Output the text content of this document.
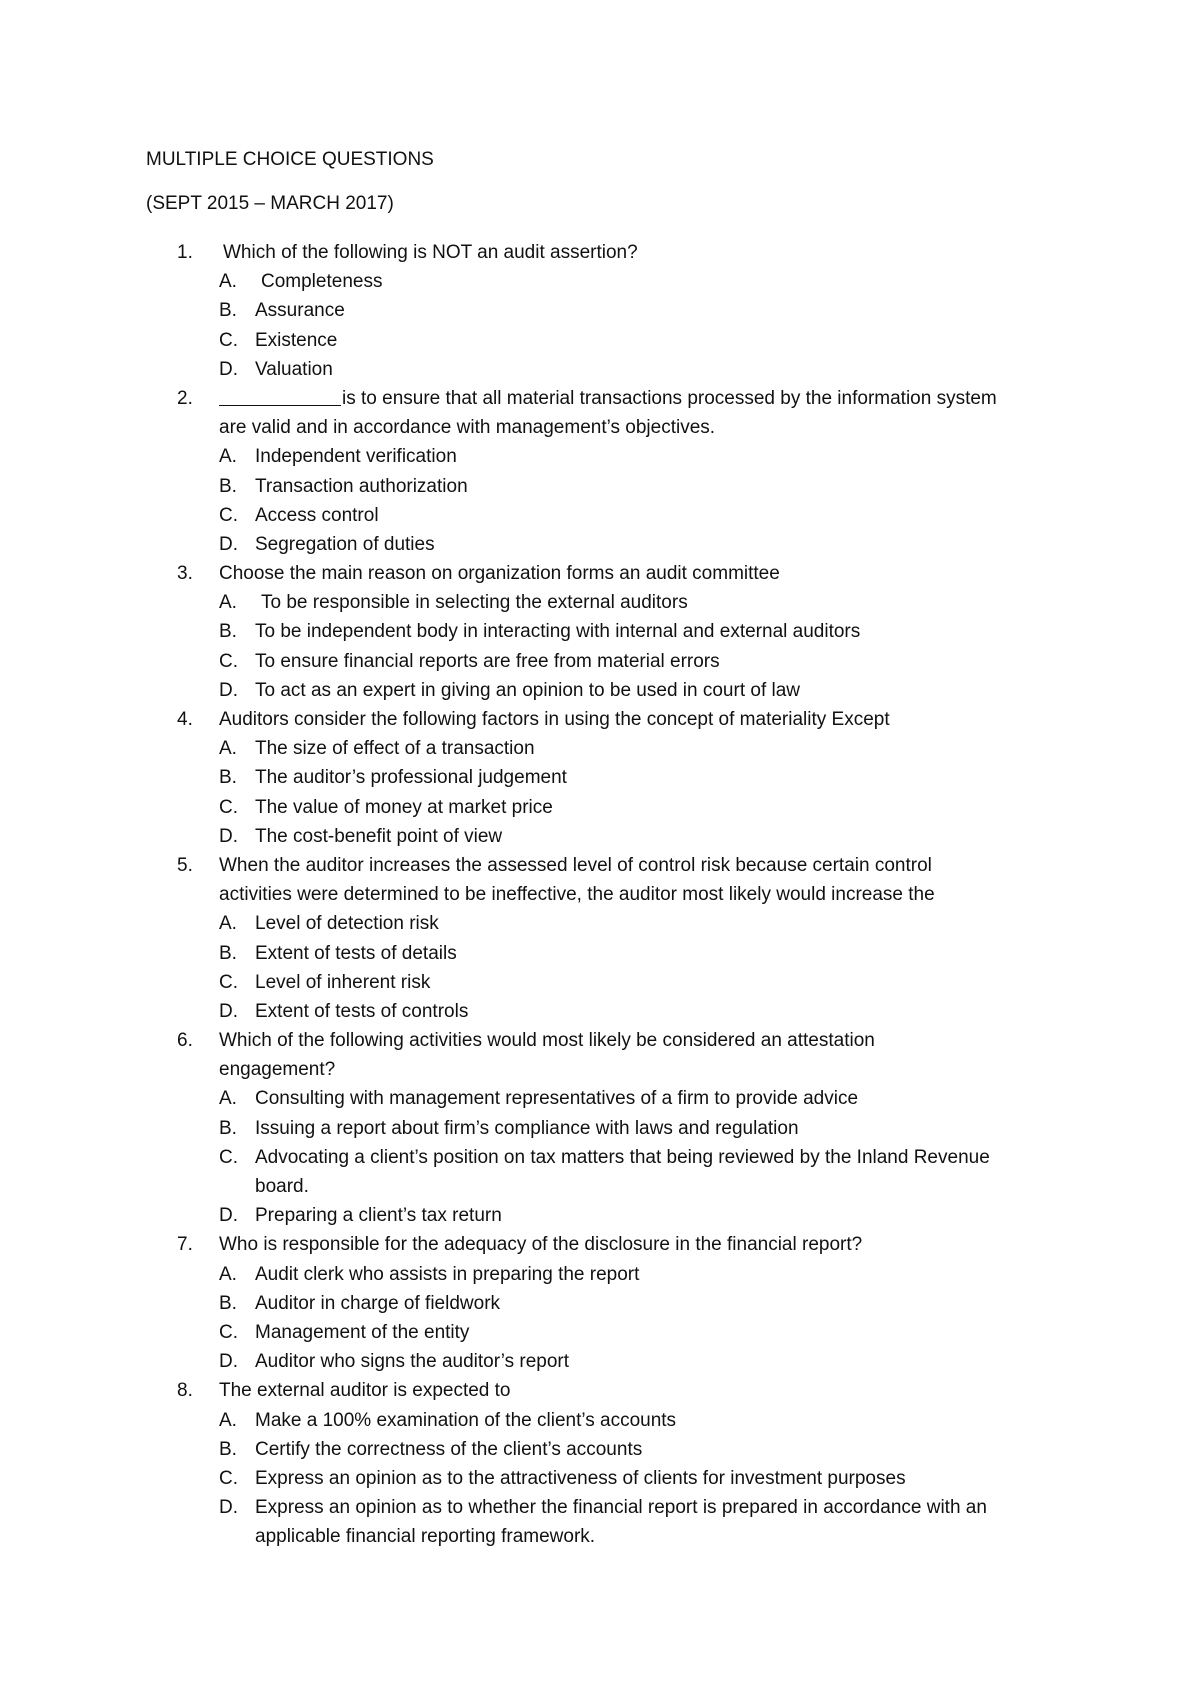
MULTIPLE CHOICE QUESTIONS
(SEPT 2015 – MARCH 2017)
1. Which of the following is NOT an audit assertion?
A. Completeness
B. Assurance
C. Existence
D. Valuation
2.	is to ensure that all material transactions processed by the information system
are valid and in accordance with management’s objectives.
A. Independent verification
B. Transaction authorization
C. Access control
D. Segregation of duties
3. Choose the main reason on organization forms an audit committee
A. To be responsible in selecting the external auditors
B. To be independent body in interacting with internal and external auditors
C. To ensure financial reports are free from material errors
D. To act as an expert in giving an opinion to be used in court of law
4. Auditors consider the following factors in using the concept of materiality Except
A. The size of effect of a transaction
B. The auditor’s professional judgement
C. The value of money at market price
D. The cost-benefit point of view
5. When the auditor increases the assessed level of control risk because certain control
activities were determined to be ineffective, the auditor most likely would increase the
A. Level of detection risk
B. Extent of tests of details
C. Level of inherent risk
D. Extent of tests of controls
6. Which of the following activities would most likely be considered an attestation
engagement?
A. Consulting with management representatives of a firm to provide advice
B. Issuing a report about firm’s compliance with laws and regulation
C. Advocating a client’s position on tax matters that being reviewed by the Inland Revenue
board.
D. Preparing a client’s tax return
7. Who is responsible for the adequacy of the disclosure in the financial report?
A. Audit clerk who assists in preparing the report
B. Auditor in charge of fieldwork
C. Management of the entity
D. Auditor who signs the auditor’s report
8. The external auditor is expected to
A. Make a 100% examination of the client’s accounts
B. Certify the correctness of the client’s accounts
C. Express an opinion as to the attractiveness of clients for investment purposes
D. Express an opinion as to whether the financial report is prepared in accordance with an
applicable financial reporting framework.
